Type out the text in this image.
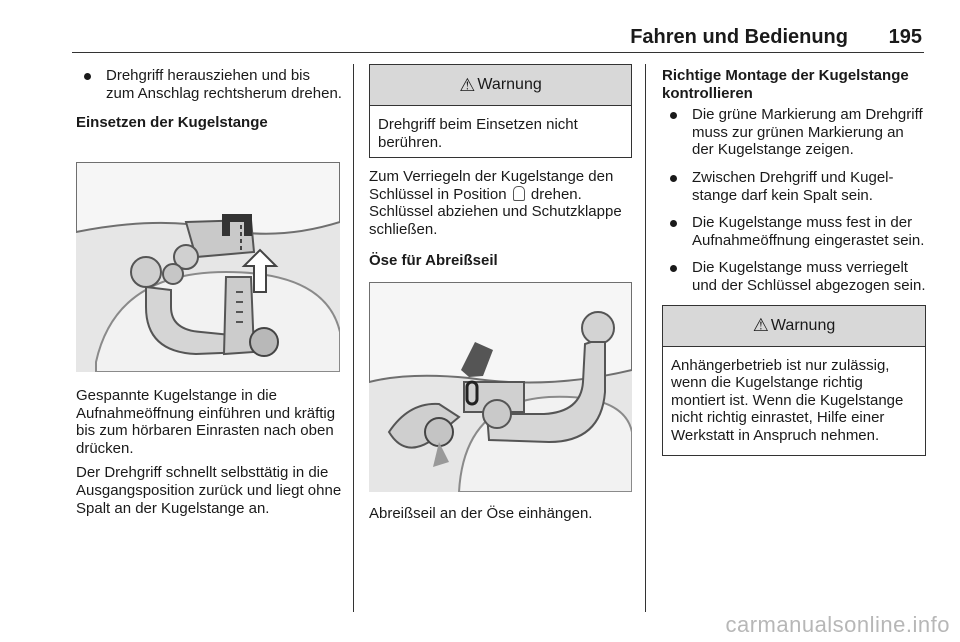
Fahren und Bedienung 195
Drehgriff herausziehen und bis zum Anschlag rechtsherum drehen.

Einsetzen der Kugelstange

Gespannte Kugelstange in die Aufnahmeöffnung einführen und kräftig bis zum hörbaren Einrasten nach oben drücken.

Der Drehgriff schnellt selbsttätig in die Ausgangsposition zurück und liegt ohne Spalt an der Kugelstange an.

⚠ Warnung
Drehgriff beim Einsetzen nicht berühren.

Zum Verriegeln der Kugelstange den Schlüssel in Position drehen. Schlüssel abziehen und Schutzklappe schließen.

Öse für Abreißseil

Abreißseil an der Öse einhängen.

Richtige Montage der Kugelstange kontrollieren

Die grüne Markierung am Drehgriff muss zur grünen Markierung an der Kugelstange zeigen.
Zwischen Drehgriff und Kugelstange darf kein Spalt sein.
Die Kugelstange muss fest in der Aufnahmeöffnung eingerastet sein.
Die Kugelstange muss verriegelt und der Schlüssel abgezogen sein.
⚠ Warnung
Anhängerbetrieb ist nur zulässig, wenn die Kugelstange richtig montiert ist. Wenn die Kugelstange nicht richtig einrastet, Hilfe einer Werkstatt in Anspruch nehmen.
carmanualsonline.info
